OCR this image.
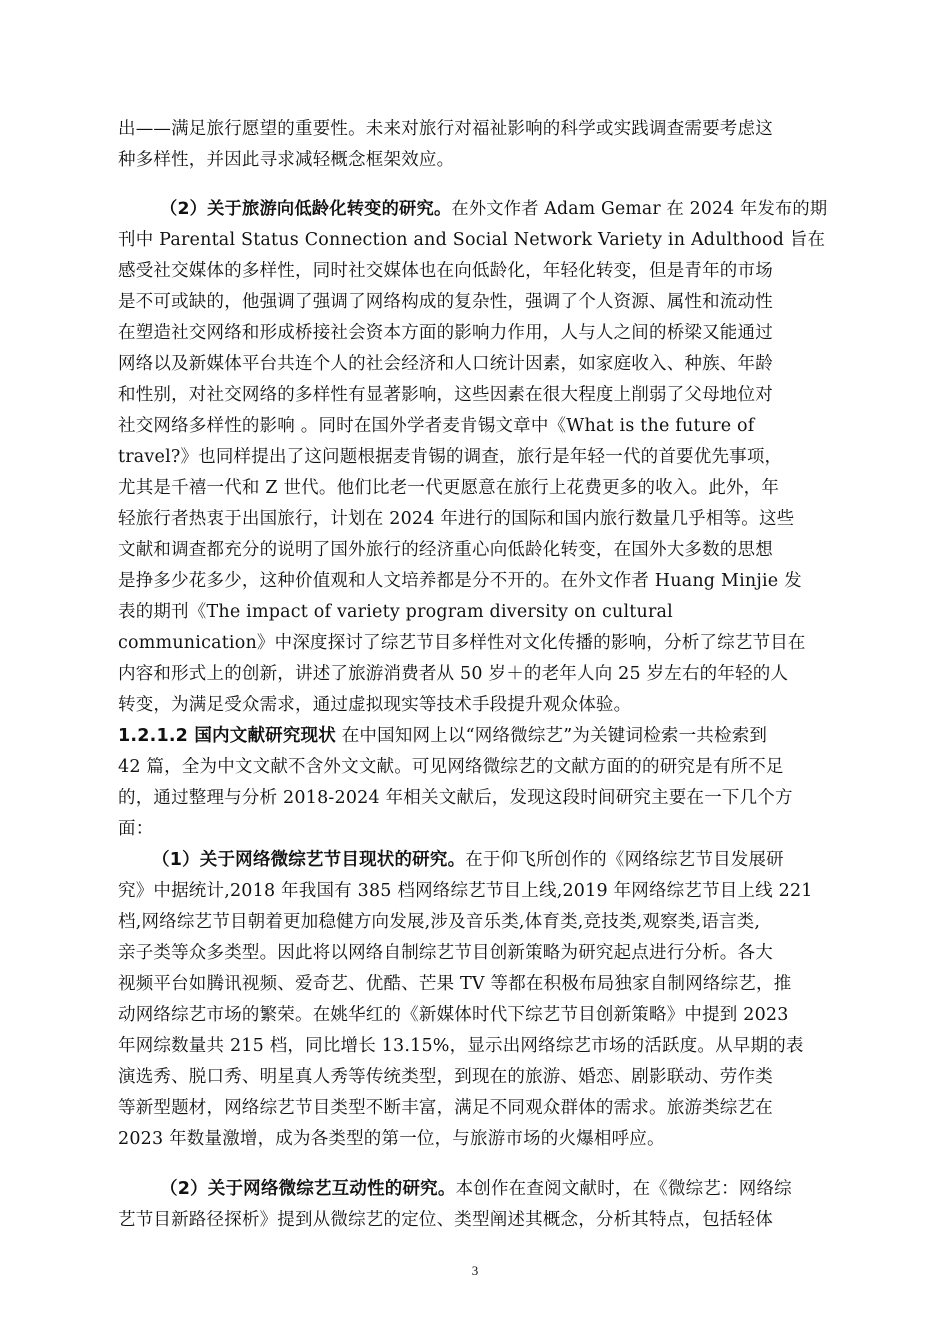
出——满足旅行愿望的重要性。未来对旅行对福祉影响的科学或实践调查需要考虑这
种多样性，并因此寻求减轻概念框架效应。
（2）关于旅游向低龄化转变的研究。在外文作者 Adam Gemar 在 2024 年发布的期
刊中 Parental Status Connection and Social Network Variety in Adulthood 旨在
感受社交媒体的多样性，同时社交媒体也在向低龄化，年轻化转变，但是青年的市场
是不可或缺的，他强调了强调了网络构成的复杂性，强调了个人资源、属性和流动性
在塑造社交网络和形成桥接社会资本方面的影响力作用，人与人之间的桥梁又能通过
网络以及新媒体平台共连个人的社会经济和人口统计因素，如家庭收入、种族、年龄
和性别，对社交网络的多样性有显著影响，这些因素在很大程度上削弱了父母地位对
社交网络多样性的影响 。同时在国外学者麦肯锡文章中《What is the future of
travel?》也同样提出了这问题根据麦肯锡的调查，旅行是年轻一代的首要优先事项，
尤其是千禧一代和 Z 世代。他们比老一代更愿意在旅行上花费更多的收入。此外，年
轻旅行者热衷于出国旅行，计划在 2024 年进行的国际和国内旅行数量几乎相等。这些
文献和调查都充分的说明了国外旅行的经济重心向低龄化转变，在国外大多数的思想
是挣多少花多少，这种价值观和人文培养都是分不开的。在外文作者 Huang Minjie 发
表的期刊《The impact of variety program diversity on cultural
communication》中深度探讨了综艺节目多样性对文化传播的影响，分析了综艺节目在
内容和形式上的创新，讲述了旅游消费者从 50 岁＋的老年人向 25 岁左右的年轻的人
转变，为满足受众需求，通过虚拟现实等技术手段提升观众体验。
1.2.1.2 国内文献研究现状 在中国知网上以“网络微综艺”为关键词检索一共检索到
42 篇，全为中文文献不含外文文献。可见网络微综艺的文献方面的的研究是有所不足
的，通过整理与分析 2018-2024 年相关文献后，发现这段时间研究主要在一下几个方
面：
（1）关于网络微综艺节目现状的研究。在于仰飞所创作的《网络综艺节目发展研
究》中据统计,2018 年我国有 385 档网络综艺节目上线,2019 年网络综艺节目上线 221
档,网络综艺节目朝着更加稳健方向发展,涉及音乐类,体育类,竞技类,观察类,语言类,
亲子类等众多类型。因此将以网络自制综艺节目创新策略为研究起点进行分析。各大
视频平台如腾讯视频、爱奇艺、优酷、芒果 TV 等都在积极布局独家自制网络综艺，推
动网络综艺市场的繁荣。在姚华红的《新媒体时代下综艺节目创新策略》中提到 2023
年网综数量共 215 档，同比增长 13.15%，显示出网络综艺市场的活跃度。从早期的表
演选秀、脱口秀、明星真人秀等传统类型，到现在的旅游、婚恋、剧影联动、劳作类
等新型题材，网络综艺节目类型不断丰富，满足不同观众群体的需求。旅游类综艺在
2023 年数量激增，成为各类型的第一位，与旅游市场的火爆相呼应。
（2）关于网络微综艺互动性的研究。本创作在查阅文献时，在《微综艺：网络综
艺节目新路径探析》提到从微综艺的定位、类型阐述其概念，分析其特点，包括轻体
3
